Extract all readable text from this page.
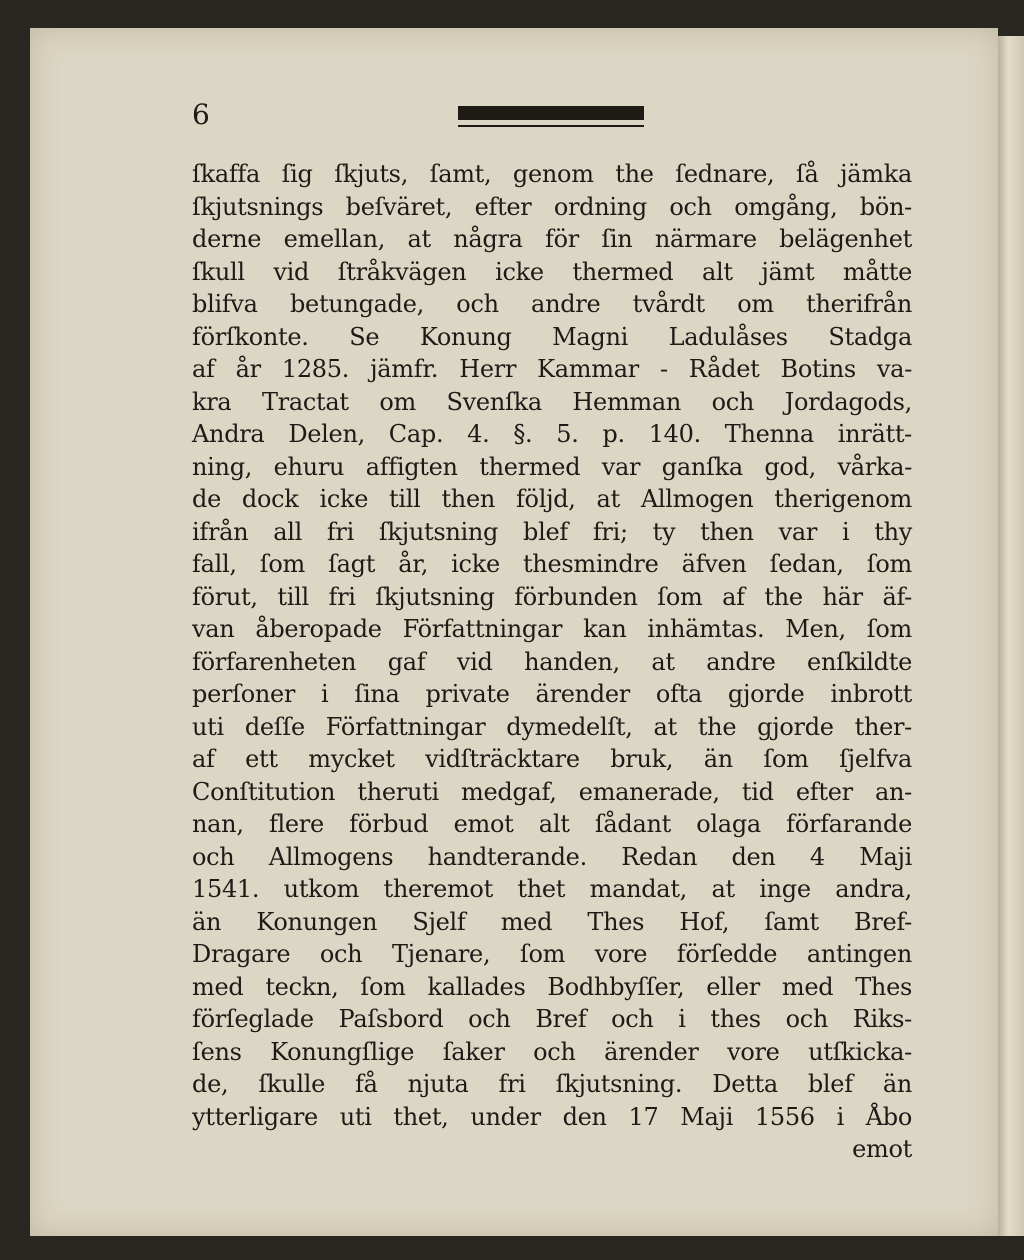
6
ſkaffa ſig ſkjuts, ſamt, genom the ſednare, ſå jämka
ſkjutsnings beſväret, efter ordning och omgång, bön-
derne emellan, at några för ſin närmare belägenhet
ſkull vid ſtråkvägen icke thermed alt jämt måtte
blifva betungade, och andre tvårdt om therifrån
förſkonte. Se Konung Magni Ladulåses Stadga
af år 1285. jämfr. Herr Kammar - Rådet Botins va-
kra Tractat om Svenſka Hemman och Jordagods,
Andra Delen, Cap. 4. §. 5. p. 140. Thenna inrätt-
ning, ehuru affigten thermed var ganſka god, vårka-
de dock icke till then följd, at Allmogen therigenom
ifrån all fri ſkjutsning blef fri; ty then var i thy
fall, ſom ſagt år, icke thesmindre äfven ſedan, ſom
förut, till fri ſkjutsning förbunden ſom af the här äf-
van åberopade Författningar kan inhämtas. Men, ſom
förfarenheten gaf vid handen, at andre enſkildte
perſoner i ſina private ärender ofta gjorde inbrott
uti deſſe Författningar dymedelſt, at the gjorde ther-
af ett mycket vidſträcktare bruk, än ſom ſjelfva
Conſtitution theruti medgaf, emanerade, tid efter an-
nan, flere förbud emot alt ſådant olaga förfarande
och Allmogens handterande. Redan den 4 Maji
1541. utkom theremot thet mandat, at inge andra,
än Konungen Sjelf med Thes Hof, ſamt Bref-
Dragare och Tjenare, ſom vore förſedde antingen
med teckn, ſom kallades Bodhbyſſer, eller med Thes
förſeglade Paſsbord och Bref och i thes och Riks-
ſens Konungſlige ſaker och ärender vore utſkicka-
de, ſkulle få njuta fri ſkjutsning. Detta blef än
ytterligare uti thet, under den 17 Maji 1556 i Åbo
emot
